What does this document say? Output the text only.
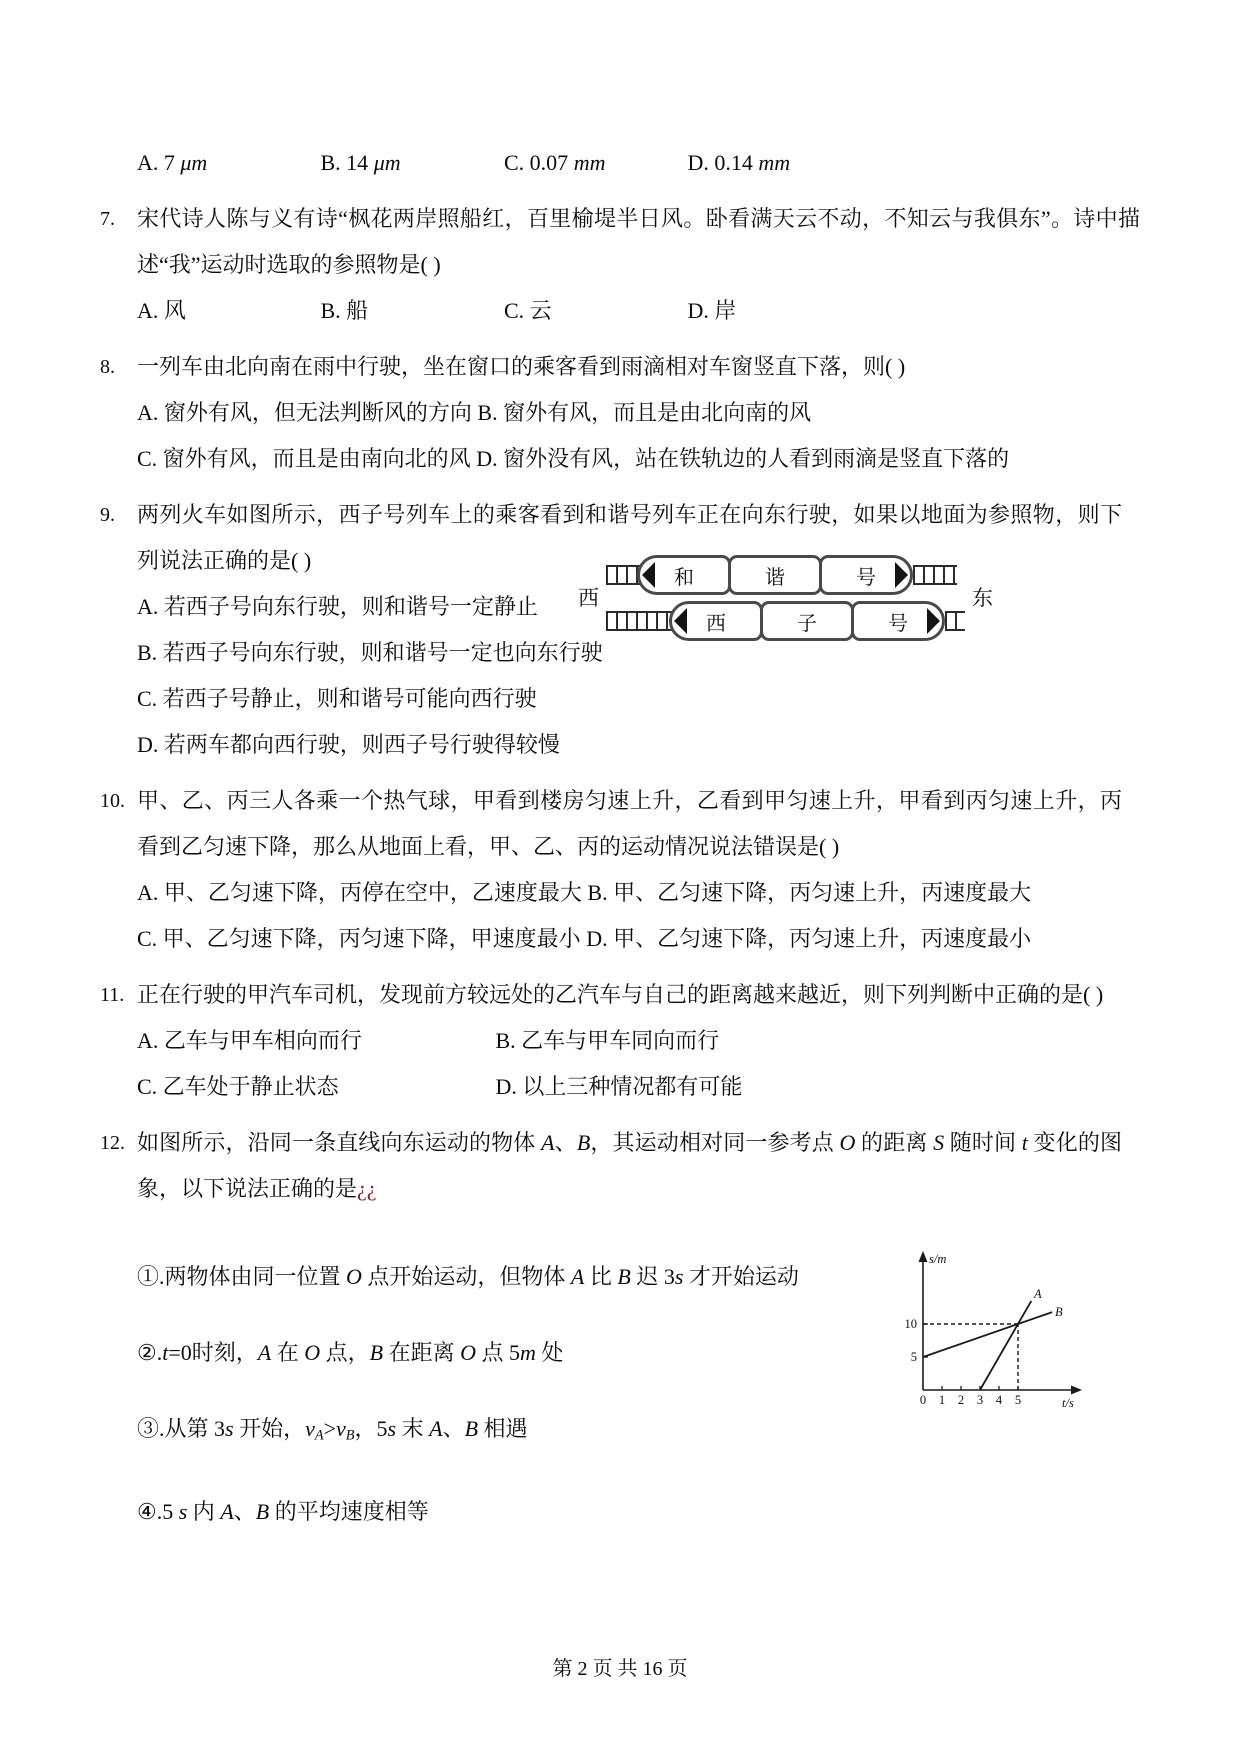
A. 7 μm	B. 14 μm	C. 0.07 mm	D. 0.14 mm
7.	宋代诗人陈与义有诗“枫花两岸照船红，百里榆堤半日风。卧看满天云不动，不知云与我俱东”。诗中描述“我”运动时选取的参照物是( )

A. 风	B. 船	C. 云	D. 岸
8.	一列车由北向南在雨中行驶，坐在窗口的乘客看到雨滴相对车窗竖直下落，则( )

A. 窗外有风，但无法判断风的方向 B. 窗外有风，而且是由北向南的风
C. 窗外有风，而且是由南向北的风 D. 窗外没有风，站在铁轨边的人看到雨滴是竖直下落的
9.	两列火车如图所示，西子号列车上的乘客看到和谐号列车正在向东行驶，如果以地面为参照物，则下列说法正确的是( )

A. 若西子号向东行驶，则和谐号一定静止

B. 若西子号向东行驶，则和谐号一定也向东行驶

C. 若西子号静止，则和谐号可能向西行驶

D. 若两车都向西行驶，则西子号行驶得较慢

西
和	谐	号
西	子	号
东
10. 甲、乙、丙三人各乘一个热气球，甲看到楼房匀速上升，乙看到甲匀速上升，甲看到丙匀速上升，丙看到乙匀速下降，那么从地面上看，甲、乙、丙的运动情况说法错误是( )

A. 甲、乙匀速下降，丙停在空中，乙速度最大 B. 甲、乙匀速下降，丙匀速上升，丙速度最大
C. 甲、乙匀速下降，丙匀速下降，甲速度最小 D. 甲、乙匀速下降，丙匀速上升，丙速度最小
11. 正在行驶的甲汽车司机，发现前方较远处的乙汽车与自己的距离越来越近，则下列判断中正确的是( )

A. 乙车与甲车相向而行	B. 乙车与甲车同向而行
C. 乙车处于静止状态	D. 以上三种情况都有可能
12. 如图所示，沿同一条直线向东运动的物体 A、B，其运动相对同一参考点 O 的距离 S 随时间 t 变化的图象，以下说法正确的是¿¿

①.两物体由同一位置 O 点开始运动，但物体 A 比 B 迟 3s 才开始运动

②.t=0时刻，A 在 O 点，B 在距离 O 点 5m 处

③.从第 3s 开始，$v_A>v_B$，5s 末 A、B 相遇

④.5 s 内 A、B 的平均速度相等

s/m
t/s
10
5
0 1 2 3 4 5
A
B
第 2 页 共 16 页
